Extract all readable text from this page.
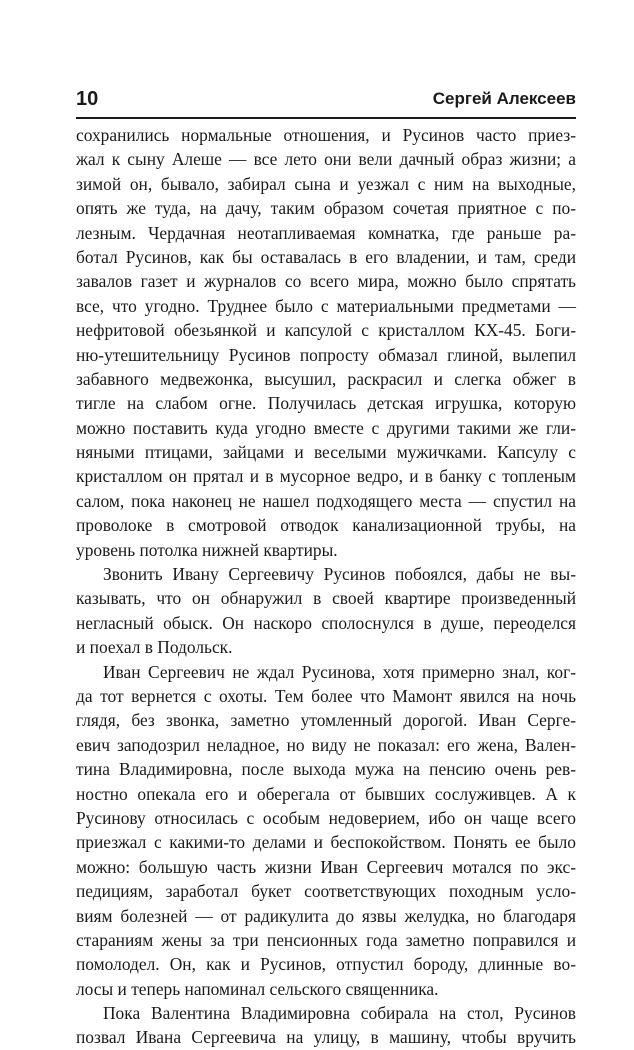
10	Сергей Алексеев
сохранились нормальные отношения, и Русинов часто приез-
жал к сыну Алеше — все лето они вели дачный образ жизни; а
зимой он, бывало, забирал сына и уезжал с ним на выходные,
опять же туда, на дачу, таким образом сочетая приятное с по-
лезным. Чердачная неотапливаемая комнатка, где раньше ра-
ботал Русинов, как бы оставалась в его владении, и там, среди
завалов газет и журналов со всего мира, можно было спрятать
все, что угодно. Труднее было с материальными предметами —
нефритовой обезьянкой и капсулой с кристаллом КХ-45. Боги-
ню-утешительницу Русинов попросту обмазал глиной, вылепил
забавного медвежонка, высушил, раскрасил и слегка обжег в
тигле на слабом огне. Получилась детская игрушка, которую
можно поставить куда угодно вместе с другими такими же гли-
няными птицами, зайцами и веселыми мужичками. Капсулу с
кристаллом он прятал и в мусорное ведро, и в банку с топленым
салом, пока наконец не нашел подходящего места — спустил на
проволоке в смотровой отводок канализационной трубы, на
уровень потолка нижней квартиры.
Звонить Ивану Сергеевичу Русинов побоялся, дабы не вы-
казывать, что он обнаружил в своей квартире произведенный
негласный обыск. Он наскоро сполоснулся в душе, переоделся
и поехал в Подольск.
Иван Сергеевич не ждал Русинова, хотя примерно знал, ког-
да тот вернется с охоты. Тем более что Мамонт явился на ночь
глядя, без звонка, заметно утомленный дорогой. Иван Серге-
евич заподозрил неладное, но виду не показал: его жена, Вален-
тина Владимировна, после выхода мужа на пенсию очень рев-
ностно опекала его и оберегала от бывших сослуживцев. А к
Русинову относилась с особым недоверием, ибо он чаще всего
приезжал с какими-то делами и беспокойством. Понять ее было
можно: большую часть жизни Иван Сергеевич мотался по экс-
педициям, заработал букет соответствующих походным усло-
виям болезней — от радикулита до язвы желудка, но благодаря
стараниям жены за три пенсионных года заметно поправился и
помолодел. Он, как и Русинов, отпустил бороду, длинные во-
лосы и теперь напоминал сельского священника.
Пока Валентина Владимировна собирала на стол, Русинов
позвал Ивана Сергеевича на улицу, в машину, чтобы вручить
